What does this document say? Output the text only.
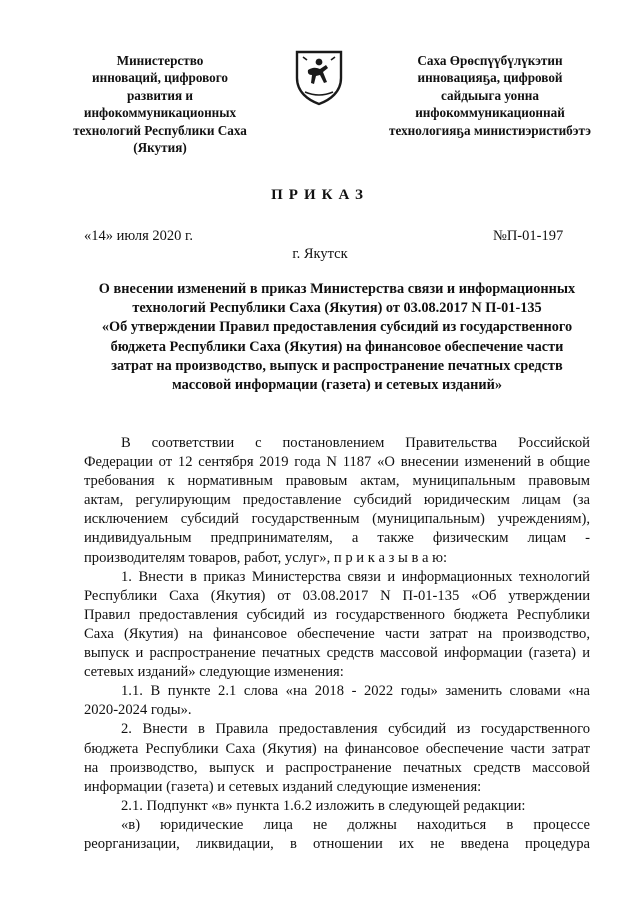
Министерство
инноваций, цифрового
развития и
инфокоммуникационных
технологий Республики Саха
(Якутия)
Саха Өрөспүүбүлүкэтин
инновацияҕа, цифровой
сайдыыга уонна
инфокоммуникационнай
технологияҕа министиэристибэтэ
ПРИКАЗ
«14» июля 2020 г.	№П-01-197
г. Якутск
О внесении изменений в приказ Министерства связи и информационных
технологий Республики Саха (Якутия) от 03.08.2017 N П-01-135
«Об утверждении Правил предоставления субсидий из государственного
бюджета Республики Саха (Якутия) на финансовое обеспечение части
затрат на производство, выпуск и распространение печатных средств
массовой информации (газета) и сетевых изданий»
В соответствии с постановлением Правительства Российской
Федерации от 12 сентября 2019 года N 1187 «О внесении изменений в общие
требования к нормативным правовым актам, муниципальным правовым
актам, регулирующим предоставление субсидий юридическим лицам (за
исключением субсидий государственным (муниципальным) учреждениям),
индивидуальным предпринимателям, а также физическим лицам -
производителям товаров, работ, услуг», п р и к а з ы в а ю:
1. Внести в приказ Министерства связи и информационных технологий
Республики Саха (Якутия) от 03.08.2017 N П-01-135 «Об утверждении
Правил предоставления субсидий из государственного бюджета Республики
Саха (Якутия) на финансовое обеспечение части затрат на производство,
выпуск и распространение печатных средств массовой информации (газета) и
сетевых изданий» следующие изменения:
1.1. В пункте 2.1 слова «на 2018 - 2022 годы» заменить словами «на
2020-2024 годы».
2. Внести в Правила предоставления субсидий из государственного
бюджета Республики Саха (Якутия) на финансовое обеспечение части затрат
на производство, выпуск и распространение печатных средств массовой
информации (газета) и сетевых изданий следующие изменения:
2.1. Подпункт «в» пункта 1.6.2 изложить в следующей редакции:
«в) юридические лица не должны находиться в процессе
реорганизации, ликвидации, в отношении их не введена процедура
